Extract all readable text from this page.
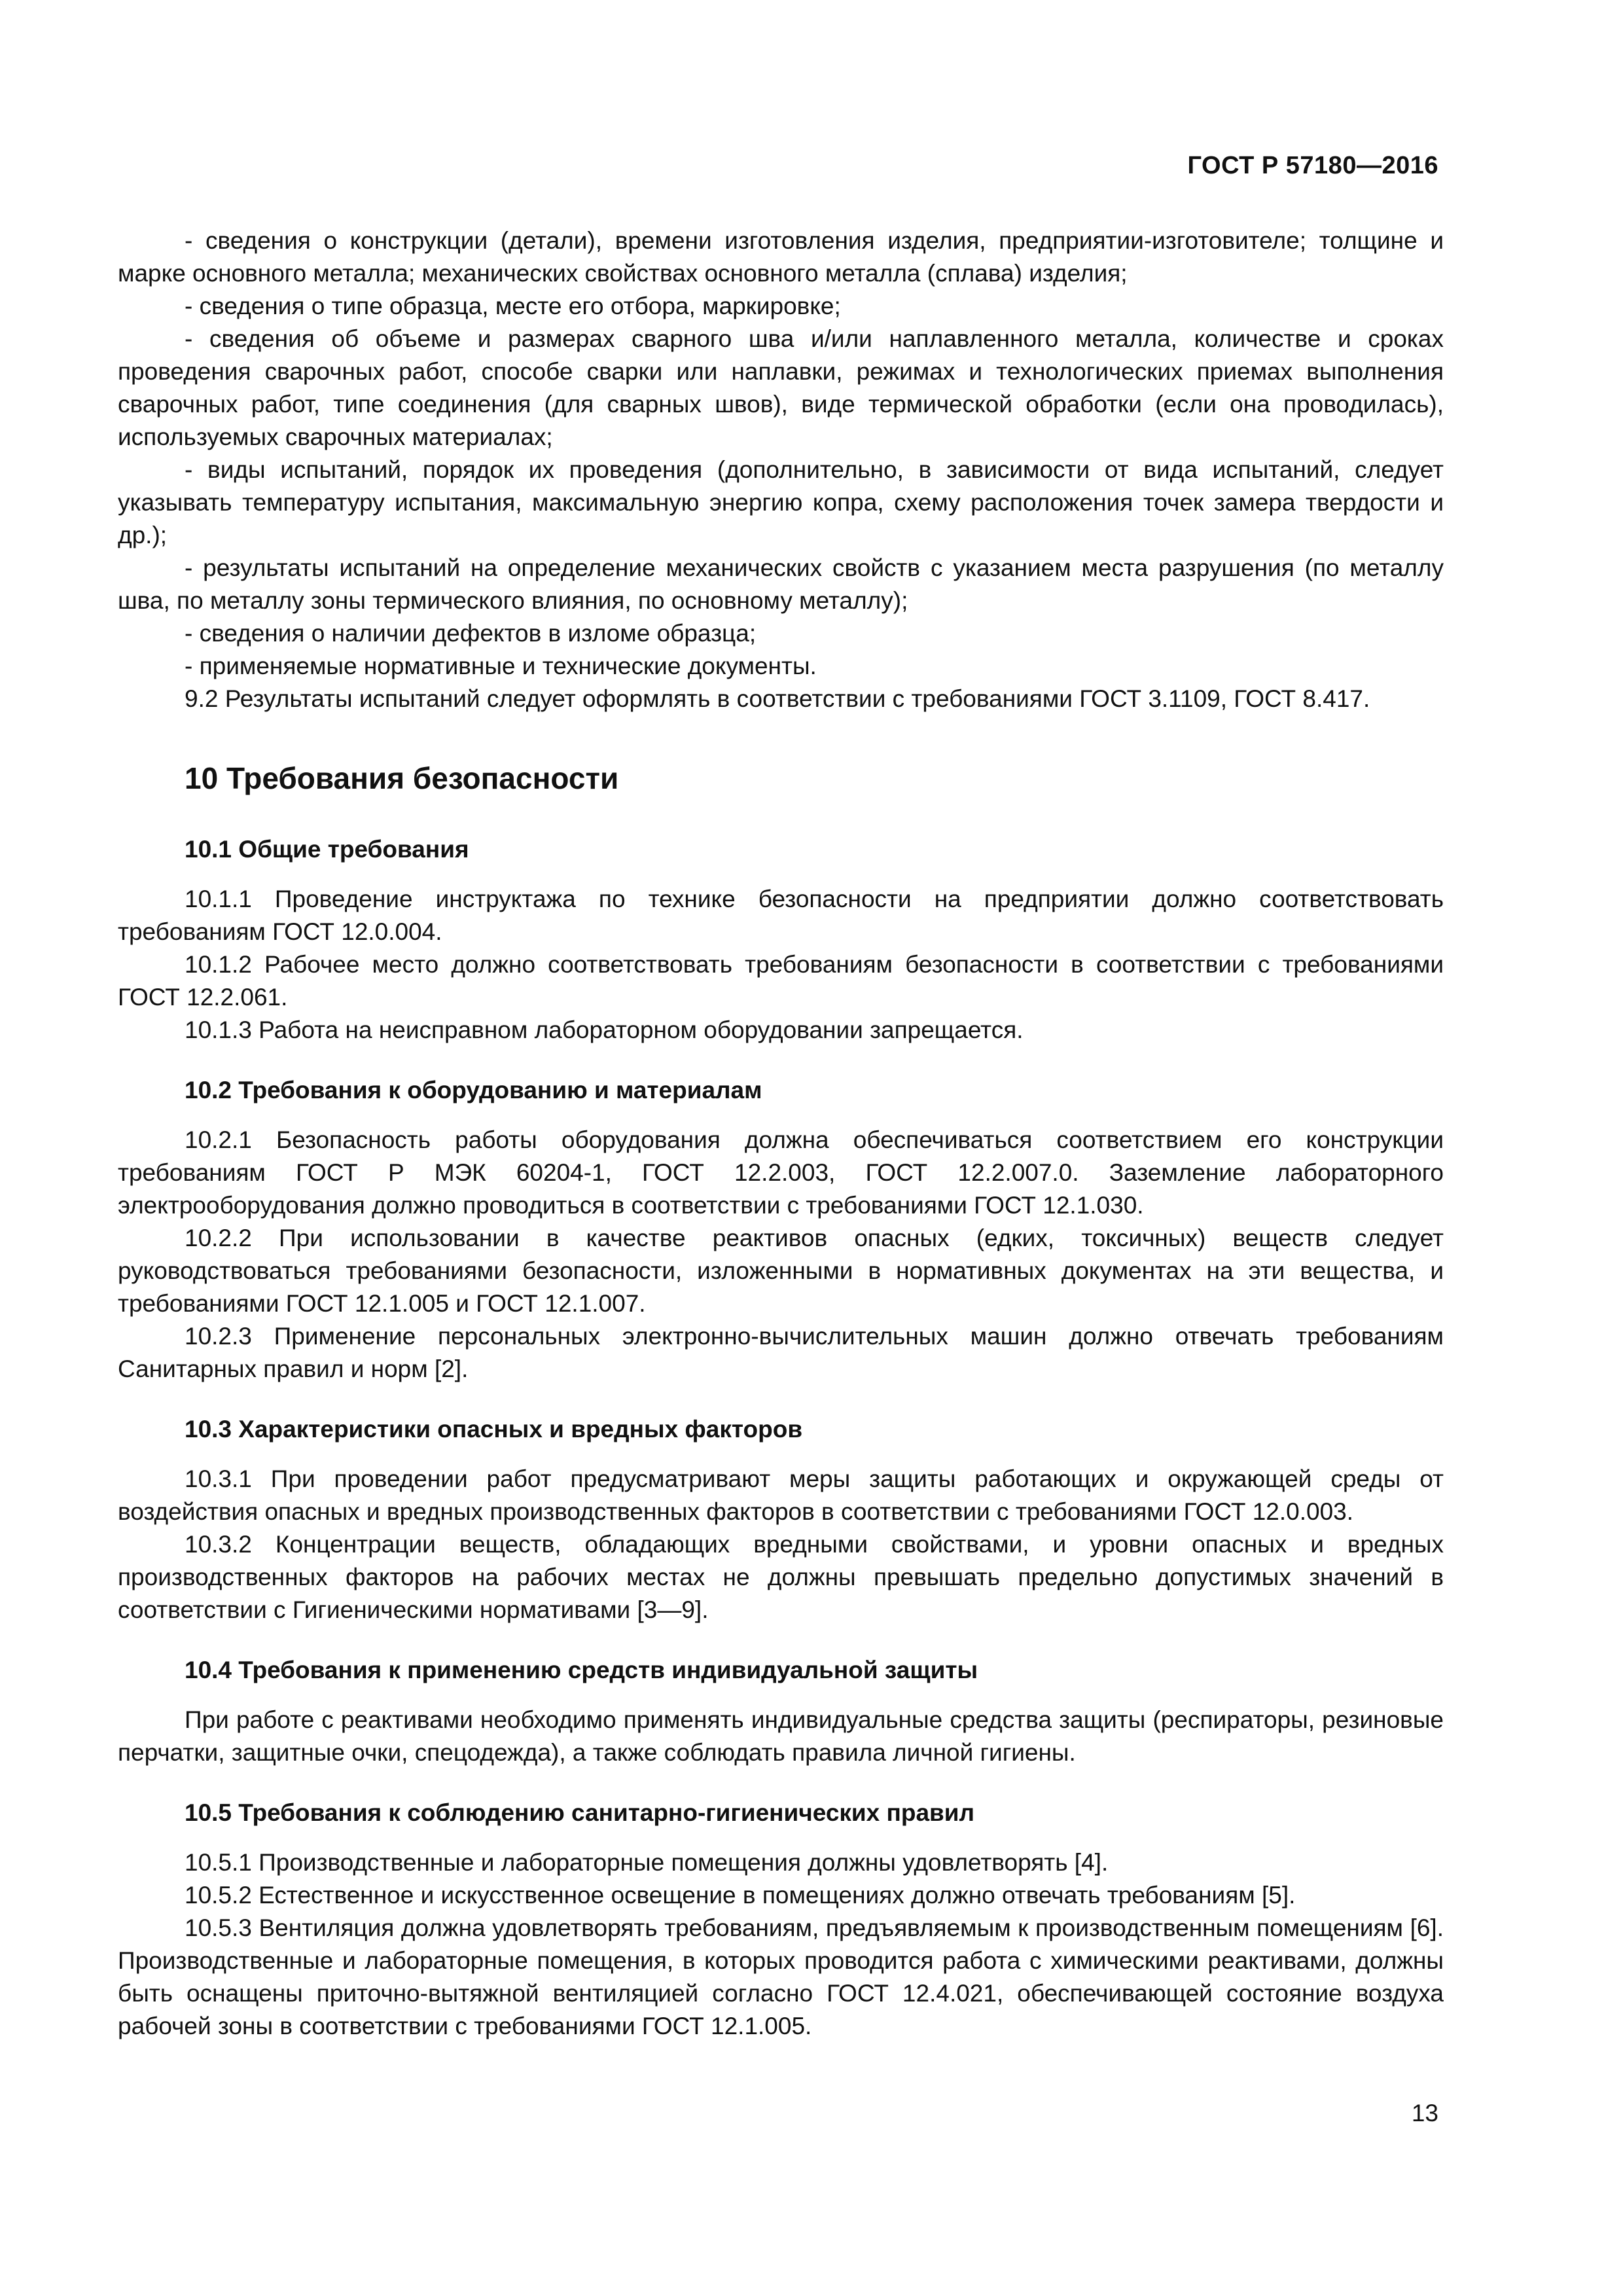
ГОСТ Р 57180—2016

- сведения о конструкции (детали), времени изготовления изделия, предприятии-изготовителе; толщине и марке основного металла; механических свойствах основного металла (сплава) изделия;

- сведения о типе образца, месте его отбора, маркировке;

- сведения об объеме и размерах сварного шва и/или наплавленного металла, количестве и сроках проведения сварочных работ, способе сварки или наплавки, режимах и технологических приемах выполнения сварочных работ, типе соединения (для сварных швов), виде термической обработки (если она проводилась), используемых сварочных материалах;

- виды испытаний, порядок их проведения (дополнительно, в зависимости от вида испытаний, следует указывать температуру испытания, максимальную энергию копра, схему расположения точек замера твердости и др.);

- результаты испытаний на определение механических свойств с указанием места разрушения (по металлу шва, по металлу зоны термического влияния, по основному металлу);

- сведения о наличии дефектов в изломе образца;

- применяемые нормативные и технические документы.

9.2 Результаты испытаний следует оформлять в соответствии с требованиями ГОСТ 3.1109, ГОСТ 8.417.

10 Требования безопасности
10.1 Общие требования

10.1.1 Проведение инструктажа по технике безопасности на предприятии должно соответствовать требованиям ГОСТ 12.0.004.

10.1.2 Рабочее место должно соответствовать требованиям безопасности в соответствии с требованиями ГОСТ 12.2.061.

10.1.3 Работа на неисправном лабораторном оборудовании запрещается.

10.2 Требования к оборудованию и материалам

10.2.1 Безопасность работы оборудования должна обеспечиваться соответствием его конструкции требованиям ГОСТ Р МЭК 60204-1, ГОСТ 12.2.003, ГОСТ 12.2.007.0. Заземление лабораторного электрооборудования должно проводиться в соответствии с требованиями ГОСТ 12.1.030.

10.2.2 При использовании в качестве реактивов опасных (едких, токсичных) веществ следует руководствоваться требованиями безопасности, изложенными в нормативных документах на эти вещества, и требованиями ГОСТ 12.1.005 и ГОСТ 12.1.007.

10.2.3 Применение персональных электронно-вычислительных машин должно отвечать требованиям Санитарных правил и норм [2].

10.3 Характеристики опасных и вредных факторов

10.3.1 При проведении работ предусматривают меры защиты работающих и окружающей среды от воздействия опасных и вредных производственных факторов в соответствии с требованиями ГОСТ 12.0.003.

10.3.2 Концентрации веществ, обладающих вредными свойствами, и уровни опасных и вредных производственных факторов на рабочих местах не должны превышать предельно допустимых значений в соответствии с Гигиеническими нормативами [3—9].

10.4 Требования к применению средств индивидуальной защиты

При работе с реактивами необходимо применять индивидуальные средства защиты (респираторы, резиновые перчатки, защитные очки, спецодежда), а также соблюдать правила личной гигиены.

10.5 Требования к соблюдению санитарно-гигиенических правил

10.5.1 Производственные и лабораторные помещения должны удовлетворять [4].

10.5.2 Естественное и искусственное освещение в помещениях должно отвечать требованиям [5].

10.5.3 Вентиляция должна удовлетворять требованиям, предъявляемым к производственным помещениям [6]. Производственные и лабораторные помещения, в которых проводится работа с химическими реактивами, должны быть оснащены приточно-вытяжной вентиляцией согласно ГОСТ 12.4.021, обеспечивающей состояние воздуха рабочей зоны в соответствии с требованиями ГОСТ 12.1.005.

13
